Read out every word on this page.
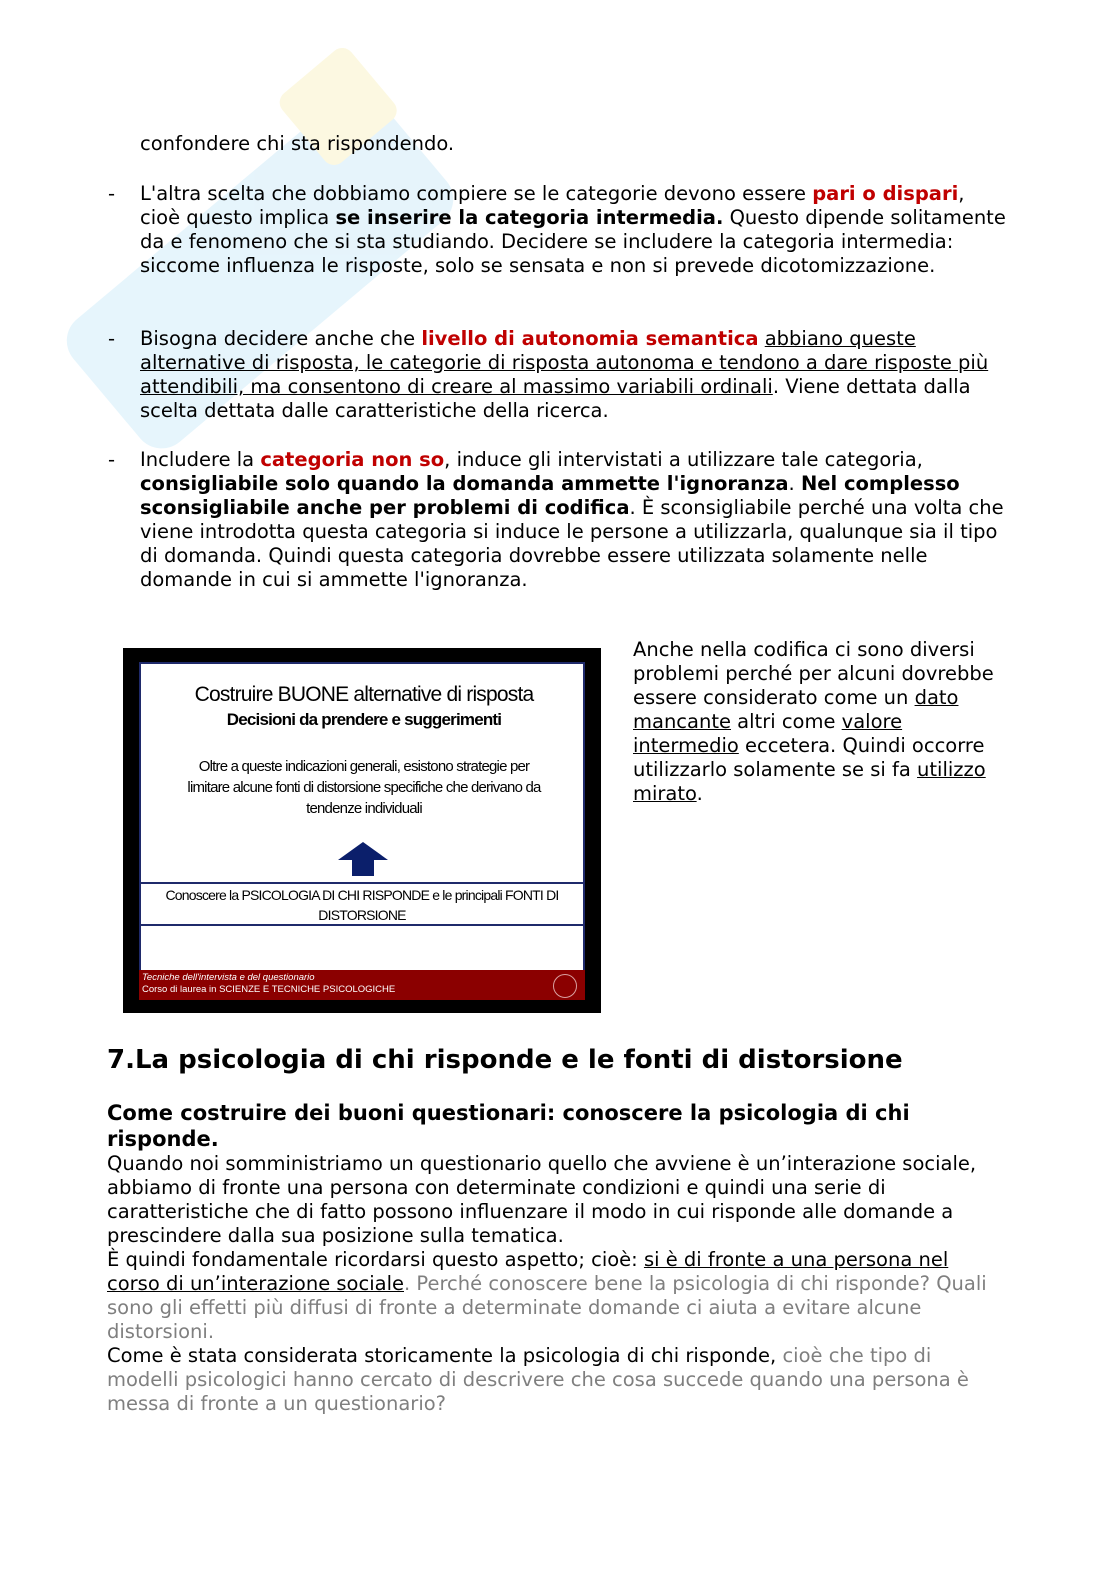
confondere chi sta rispondendo.

- L'altra scelta che dobbiamo compiere se le categorie devono essere pari o dispari, cioè questo implica se inserire la categoria intermedia. Questo dipende solitamente da e fenomeno che si sta studiando. Decidere se includere la categoria intermedia: siccome influenza le risposte, solo se sensata e non si prevede dicotomizzazione.

- Bisogna decidere anche che livello di autonomia semantica abbiano queste alternative di risposta, le categorie di risposta autonoma e tendono a dare risposte più attendibili, ma consentono di creare al massimo variabili ordinali. Viene dettata dalla scelta dettata dalle caratteristiche della ricerca.

- Includere la categoria non so, induce gli intervistati a utilizzare tale categoria, consigliabile solo quando la domanda ammette l'ignoranza. Nel complesso sconsigliabile anche per problemi di codifica. È sconsigliabile perché una volta che viene introdotta questa categoria si induce le persone a utilizzarla, qualunque sia il tipo di domanda. Quindi questa categoria dovrebbe essere utilizzata solamente nelle domande in cui si ammette l'ignoranza.

Costruire BUONE alternative di risposta
Decisioni da prendere e suggerimenti
Oltre a queste indicazioni generali, esistono strategie per limitare alcune fonti di distorsione specifiche che derivano da tendenze individuali
Conoscere la PSICOLOGIA DI CHI RISPONDE e le principali FONTI DI DISTORSIONE
Tecniche dell'intervista e del questionario
Corso di laurea in SCIENZE E TECNICHE PSICOLOGICHE

Anche nella codifica ci sono diversi problemi perché per alcuni dovrebbe essere considerato come un dato mancante altri come valore intermedio eccetera. Quindi occorre utilizzarlo solamente se si fa utilizzo mirato.

7.La psicologia di chi risponde e le fonti di distorsione
Come costruire dei buoni questionari: conoscere la psicologia di chi risponde.

Quando noi somministriamo un questionario quello che avviene è un’interazione sociale, abbiamo di fronte una persona con determinate condizioni e quindi una serie di caratteristiche che di fatto possono influenzare il modo in cui risponde alle domande a prescindere dalla sua posizione sulla tematica.

È quindi fondamentale ricordarsi questo aspetto; cioè: si è di fronte a una persona nel corso di un’interazione sociale. Perché conoscere bene la psicologia di chi risponde? Quali sono gli effetti più diffusi di fronte a determinate domande ci aiuta a evitare alcune distorsioni.

Come è stata considerata storicamente la psicologia di chi risponde, cioè che tipo di modelli psicologici hanno cercato di descrivere che cosa succede quando una persona è messa di fronte a un questionario?
